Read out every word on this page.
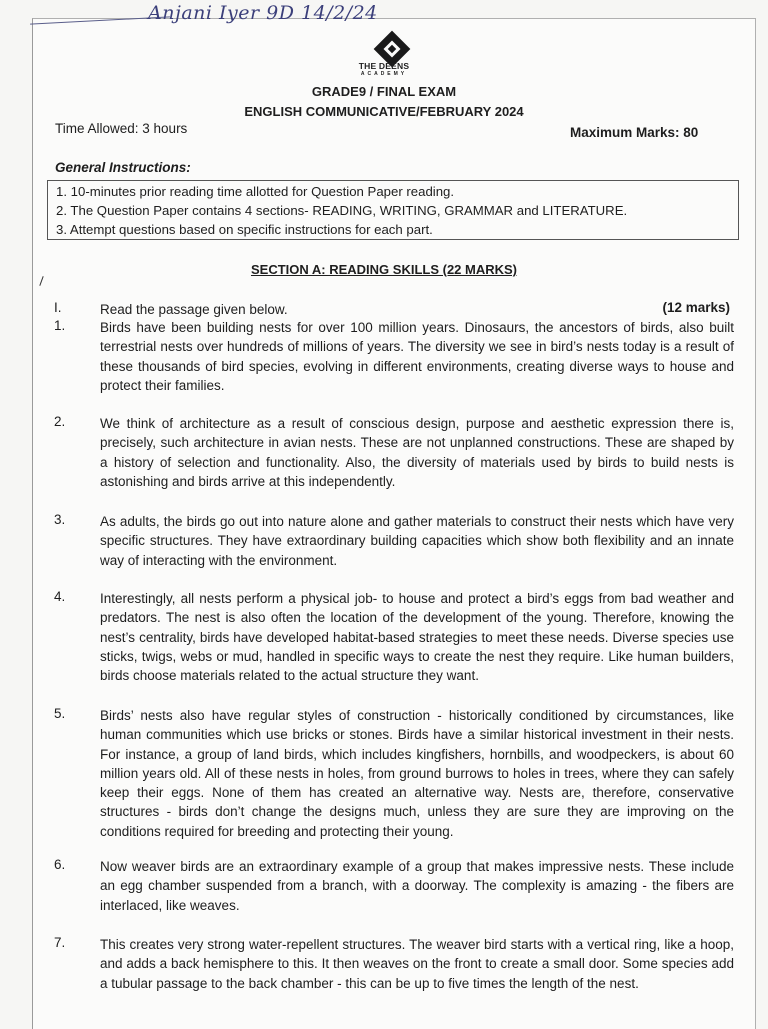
Anjani Iyer 9D 14/2/24
THE DEENS
ACADEMY
GRADE9 / FINAL EXAM
ENGLISH COMMUNICATIVE/FEBRUARY 2024
Time Allowed: 3 hours	Maximum Marks: 80
General Instructions:
1. 10-minutes prior reading time allotted for Question Paper reading.
2. The Question Paper contains 4 sections- READING, WRITING, GRAMMAR and LITERATURE.
3. Attempt questions based on specific instructions for each part.
SECTION A: READING SKILLS (22 MARKS)
I.	Read the passage given below.	(12 marks)
1.	Birds have been building nests for over 100 million years. Dinosaurs, the ancestors of birds, also built terrestrial nests over hundreds of millions of years. The diversity we see in bird’s nests today is a result of these thousands of bird species, evolving in different environments, creating diverse ways to house and protect their families.
2.	We think of architecture as a result of conscious design, purpose and aesthetic expression there is, precisely, such architecture in avian nests. These are not unplanned constructions. These are shaped by a history of selection and functionality. Also, the diversity of materials used by birds to build nests is astonishing and birds arrive at this independently.
3.	As adults, the birds go out into nature alone and gather materials to construct their nests which have very specific structures. They have extraordinary building capacities which show both flexibility and an innate way of interacting with the environment.
4.	Interestingly, all nests perform a physical job- to house and protect a bird’s eggs from bad weather and predators. The nest is also often the location of the development of the young. Therefore, knowing the nest’s centrality, birds have developed habitat-based strategies to meet these needs. Diverse species use sticks, twigs, webs or mud, handled in specific ways to create the nest they require. Like human builders, birds choose materials related to the actual structure they want.
5.	Birds’ nests also have regular styles of construction - historically conditioned by circumstances, like human communities which use bricks or stones. Birds have a similar historical investment in their nests. For instance, a group of land birds, which includes kingfishers, hornbills, and woodpeckers, is about 60 million years old. All of these nests in holes, from ground burrows to holes in trees, where they can safely keep their eggs. None of them has created an alternative way. Nests are, therefore, conservative structures - birds don’t change the designs much, unless they are sure they are improving on the conditions required for breeding and protecting their young.
6.	Now weaver birds are an extraordinary example of a group that makes impressive nests. These include an egg chamber suspended from a branch, with a doorway. The complexity is amazing - the fibers are interlaced, like weaves.
7.	This creates very strong water-repellent structures. The weaver bird starts with a vertical ring, like a hoop, and adds a back hemisphere to this. It then weaves on the front to create a small door. Some species add a tubular passage to the back chamber - this can be up to five times the length of the nest.
